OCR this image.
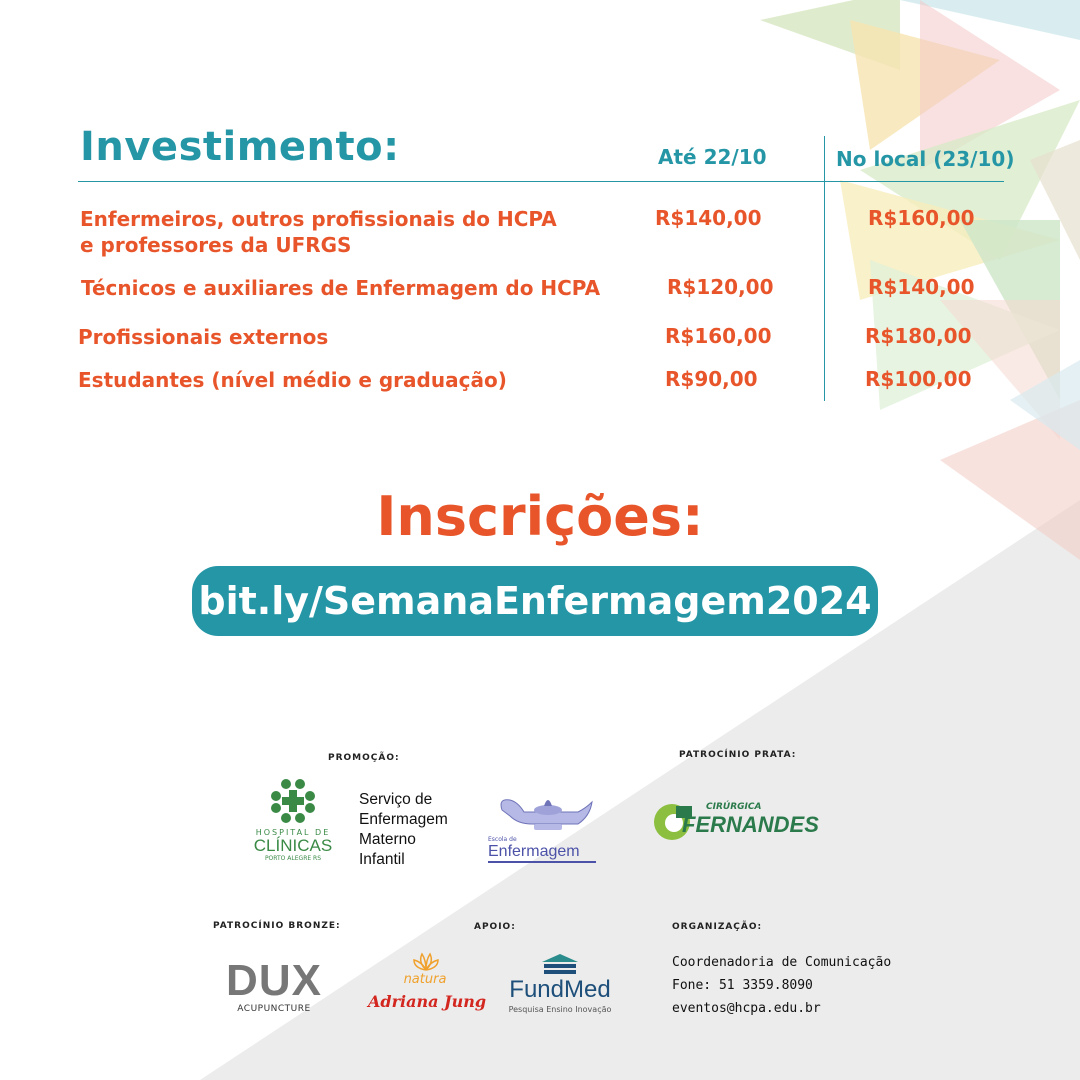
Investimento:	Até 22/10	No local (23/10)
Enfermeiros, outros profissionais do HCPA
e professores da UFRGS
R$140,00	R$160,00
Técnicos e auxiliares de Enfermagem do HCPA	R$120,00	R$140,00
Profissionais externos	R$160,00	R$180,00
Estudantes (nível médio e graduação)	R$90,00	R$100,00
Inscrições:
bit.ly/SemanaEnfermagem2024
PROMOÇÃO:	PATROCÍNIO PRATA:
PATROCÍNIO BRONZE:	APOIO:	ORGANIZAÇÃO:
HOSPITAL DE
CLÍNICAS
PORTO ALEGRE RS
Serviço de
Enfermagem
Materno
Infantil
Escola de
Enfermagem
CIRÚRGICA
FERNANDES
DUX
ACUPUNCTURE
natura
Adriana Jung FundMed
Pesquisa Ensino Inovação
Coordenadoria de Comunicação
Fone: 51 3359.8090
eventos@hcpa.edu.br
